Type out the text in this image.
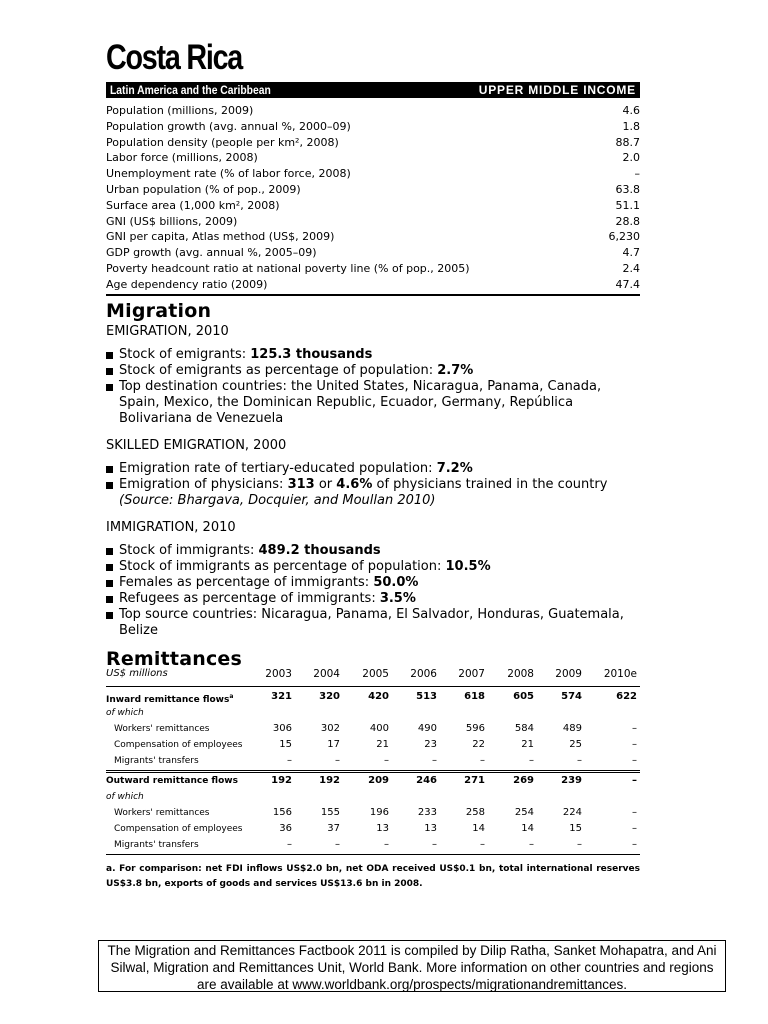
Costa Rica
Latin America and the Caribbean	UPPER MIDDLE INCOME
Population (millions, 2009)	4.6
Population growth (avg. annual %, 2000–09)	1.8
Population density (people per km², 2008)	88.7
Labor force (millions, 2008)	2.0
Unemployment rate (% of labor force, 2008)	–
Urban population (% of pop., 2009)	63.8
Surface area (1,000 km², 2008)	51.1
GNI (US$ billions, 2009)	28.8
GNI per capita, Atlas method (US$, 2009)	6,230
GDP growth (avg. annual %, 2005–09)	4.7
Poverty headcount ratio at national poverty line (% of pop., 2005)	2.4
Age dependency ratio (2009)	47.4
Migration
EMIGRATION, 2010
Stock of emigrants: 125.3 thousands
Stock of emigrants as percentage of population: 2.7%
Top destination countries: the United States, Nicaragua, Panama, Canada, Spain, Mexico, the Dominican Republic, Ecuador, Germany, República Bolivariana de Venezuela
SKILLED EMIGRATION, 2000
Emigration rate of tertiary-educated population: 7.2%
Emigration of physicians: 313 or 4.6% of physicians trained in the country
(Source: Bhargava, Docquier, and Moullan 2010)
IMMIGRATION, 2010
Stock of immigrants: 489.2 thousands
Stock of immigrants as percentage of population: 10.5%
Females as percentage of immigrants: 50.0%
Refugees as percentage of immigrants: 3.5%
Top source countries: Nicaragua, Panama, El Salvador, Honduras, Guatemala, Belize
Remittances
US$ millions	2003	2004	2005	2006	2007	2008	2009	2010e
Inward remittance flows$^a$	321	320	420	513	618	605	574	622
of which
Workers' remittances	306	302	400	490	596	584	489	–
Compensation of employees	15	17	21	23	22	21	25	–
Migrants' transfers	–	–	–	–	–	–	–	–
Outward remittance flows	192	192	209	246	271	269	239	–
of which
Workers' remittances	156	155	196	233	258	254	224	–
Compensation of employees	36	37	13	13	14	14	15	–
Migrants' transfers	–	–	–	–	–	–	–	–
a. For comparison: net FDI inflows US$2.0 bn, net ODA received US$0.1 bn, total international reserves US$3.8 bn, exports of goods and services US$13.6 bn in 2008.
The Migration and Remittances Factbook 2011 is compiled by Dilip Ratha, Sanket Mohapatra, and Ani Silwal, Migration and Remittances Unit, World Bank. More information on other countries and regions are available at www.worldbank.org/prospects/migrationandremittances.
